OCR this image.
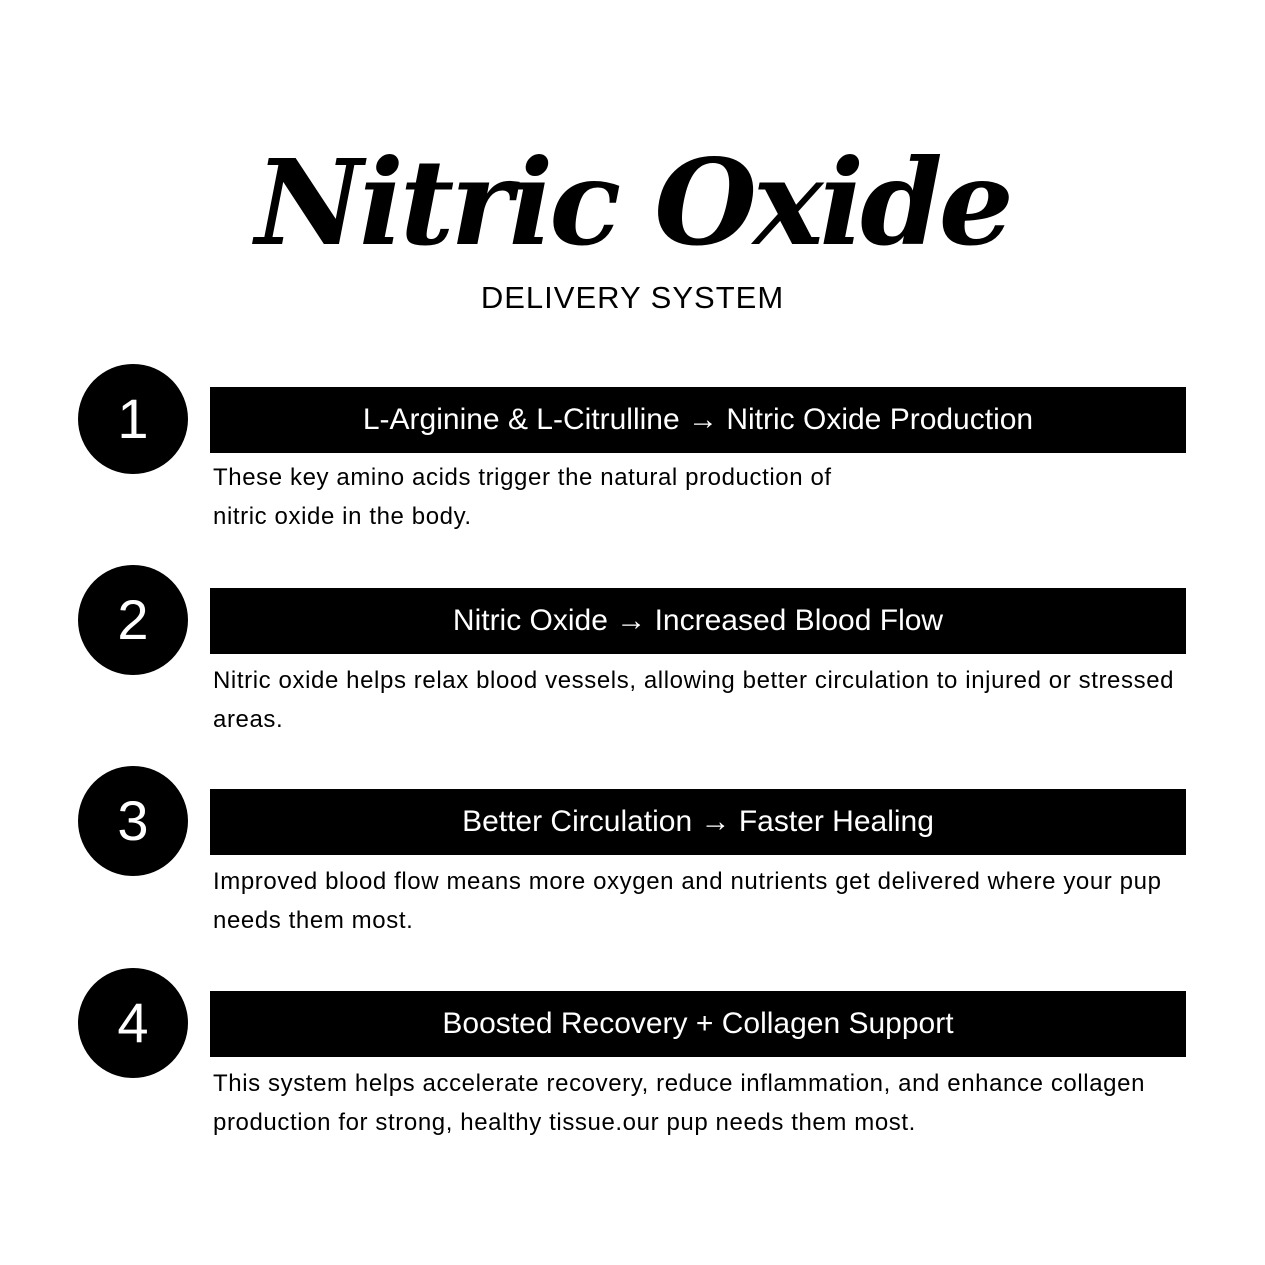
Nitric Oxide

DELIVERY SYSTEM

1	L-Arginine & L-Citrulline → Nitric Oxide Production

These key amino acids trigger the natural production of nitric oxide in the body.

2	Nitric Oxide → Increased Blood Flow

Nitric oxide helps relax blood vessels, allowing better circulation to injured or stressed areas.

3	Better Circulation → Faster Healing

Improved blood flow means more oxygen and nutrients get delivered where your pup needs them most.

4	Boosted Recovery + Collagen Support

This system helps accelerate recovery, reduce inflammation, and enhance collagen production for strong, healthy tissue.our pup needs them most.
